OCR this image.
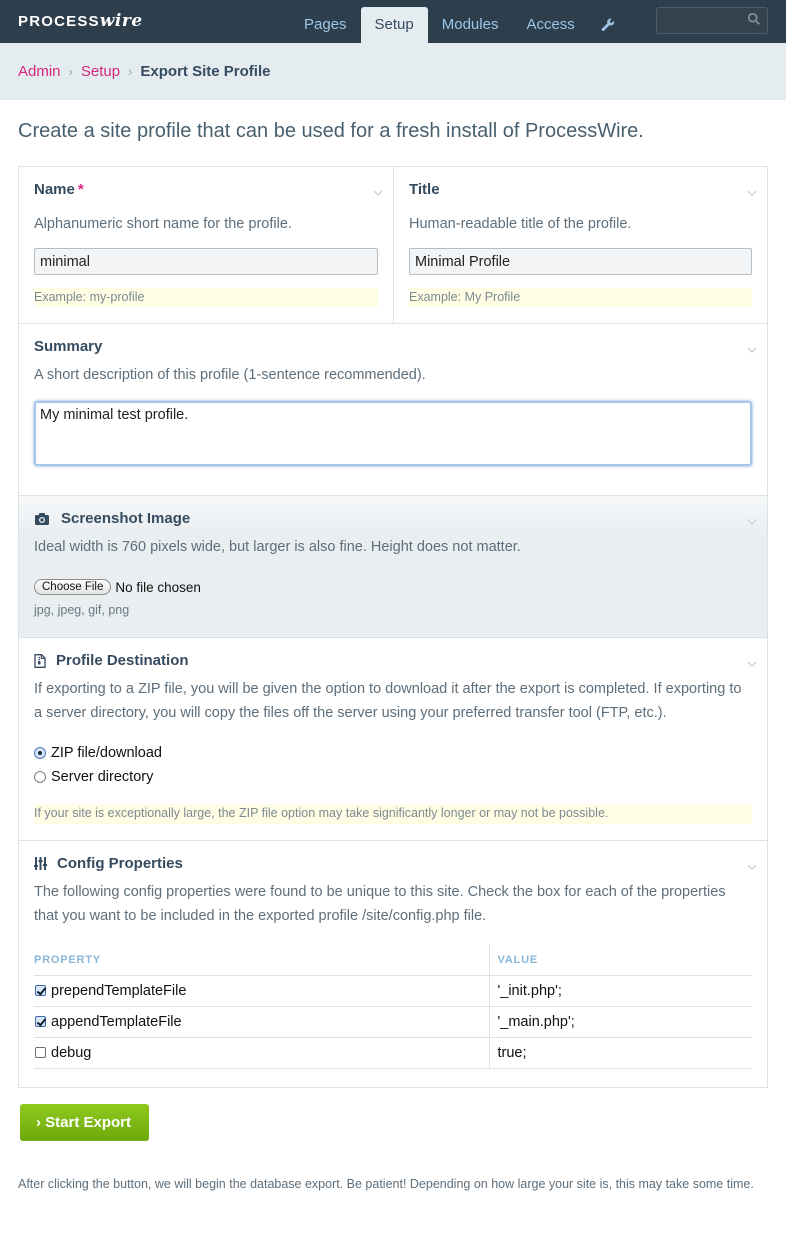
PROCESSwire	Pages	Setup	Modules	Access
Admin › Setup › Export Site Profile
Create a site profile that can be used for a fresh install of ProcessWire.
Name *
Alphanumeric short name for the profile.
minimal
Example: my-profile
Title
Human-readable title of the profile.
Minimal Profile
Example: My Profile
Summary
A short description of this profile (1-sentence recommended).
My minimal test profile.
Screenshot Image
Ideal width is 760 pixels wide, but larger is also fine. Height does not matter.
Choose File No file chosen
jpg, jpeg, gif, png
Profile Destination
If exporting to a ZIP file, you will be given the option to download it after the export is completed. If exporting to a server directory, you will copy the files off the server using your preferred transfer tool (FTP, etc.).
ZIP file/download
Server directory
If your site is exceptionally large, the ZIP file option may take significantly longer or may not be possible.
Config Properties
The following config properties were found to be unique to this site. Check the box for each of the properties that you want to be included in the exported profile /site/config.php file.
PROPERTY	VALUE
prependTemplateFile	'_init.php';
appendTemplateFile	'_main.php';
debug	true;
› Start Export
After clicking the button, we will begin the database export. Be patient! Depending on how large your site is, this may take some time.
